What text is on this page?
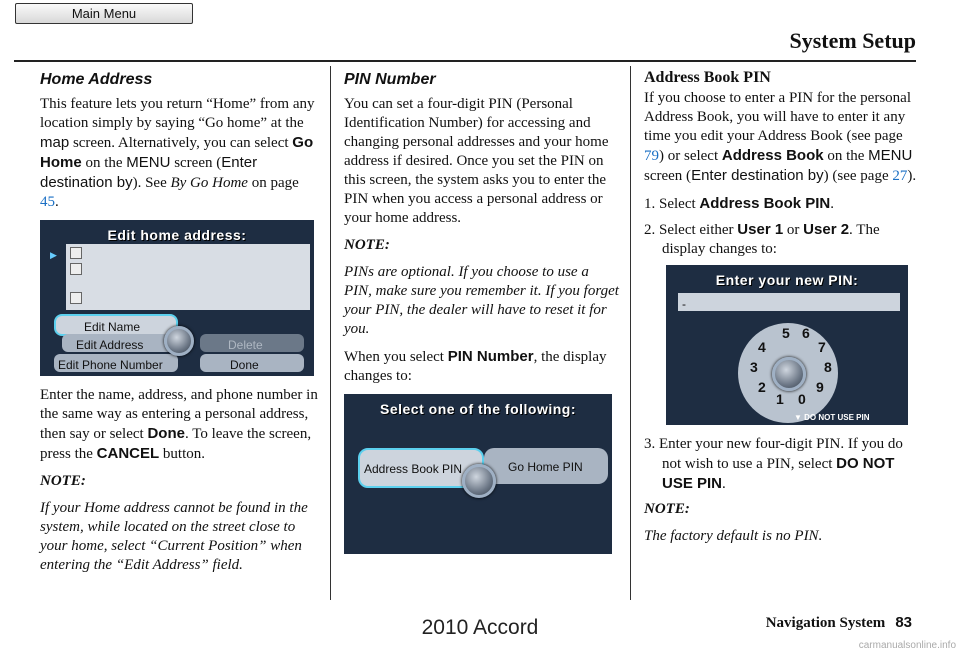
Main Menu
System Setup
Home Address

This feature lets you return “Home” from any location simply by saying “Go home” at the map screen. Alternatively, you can select Go Home on the MENU screen (Enter destination by). See By Go Home on page 45.

Edit home address:
▶
Edit Name
Edit Address	Delete
Edit Phone Number	Done

Enter the name, address, and phone number in the same way as entering a personal address, then say or select Done. To leave the screen, press the CANCEL button.

NOTE:

If your Home address cannot be found in the system, while located on the street close to your home, select “Current Position” when entering the “Edit Address” field.

PIN Number

You can set a four-digit PIN (Personal Identification Number) for accessing and changing personal addresses and your home address if desired. Once you set the PIN on this screen, the system asks you to enter the PIN when you access a personal address or your home address.

NOTE:

PINs are optional. If you choose to use a PIN, make sure you remember it. If you forget your PIN, the dealer will have to reset it for you.

When you select PIN Number, the display changes to:

Select one of the following:
Address Book PIN	Go Home PIN
Address Book PIN

If you choose to enter a PIN for the personal Address Book, you will have to enter it any time you edit your Address Book (see page 79) or select Address Book on the MENU screen (Enter destination by) (see page 27).

1. Select Address Book PIN.
2. Select either User 1 or User 2. The display changes to:
Enter your new PIN:
-
5 6
7
8
9
0
1
2
3
4
▼ DO NOT USE PIN
3. Enter your new four-digit PIN. If you do not wish to use a PIN, select DO NOT USE PIN.

NOTE:

The factory default is no PIN.

Navigation System 83
2010 Accord
carmanualsonline.info
